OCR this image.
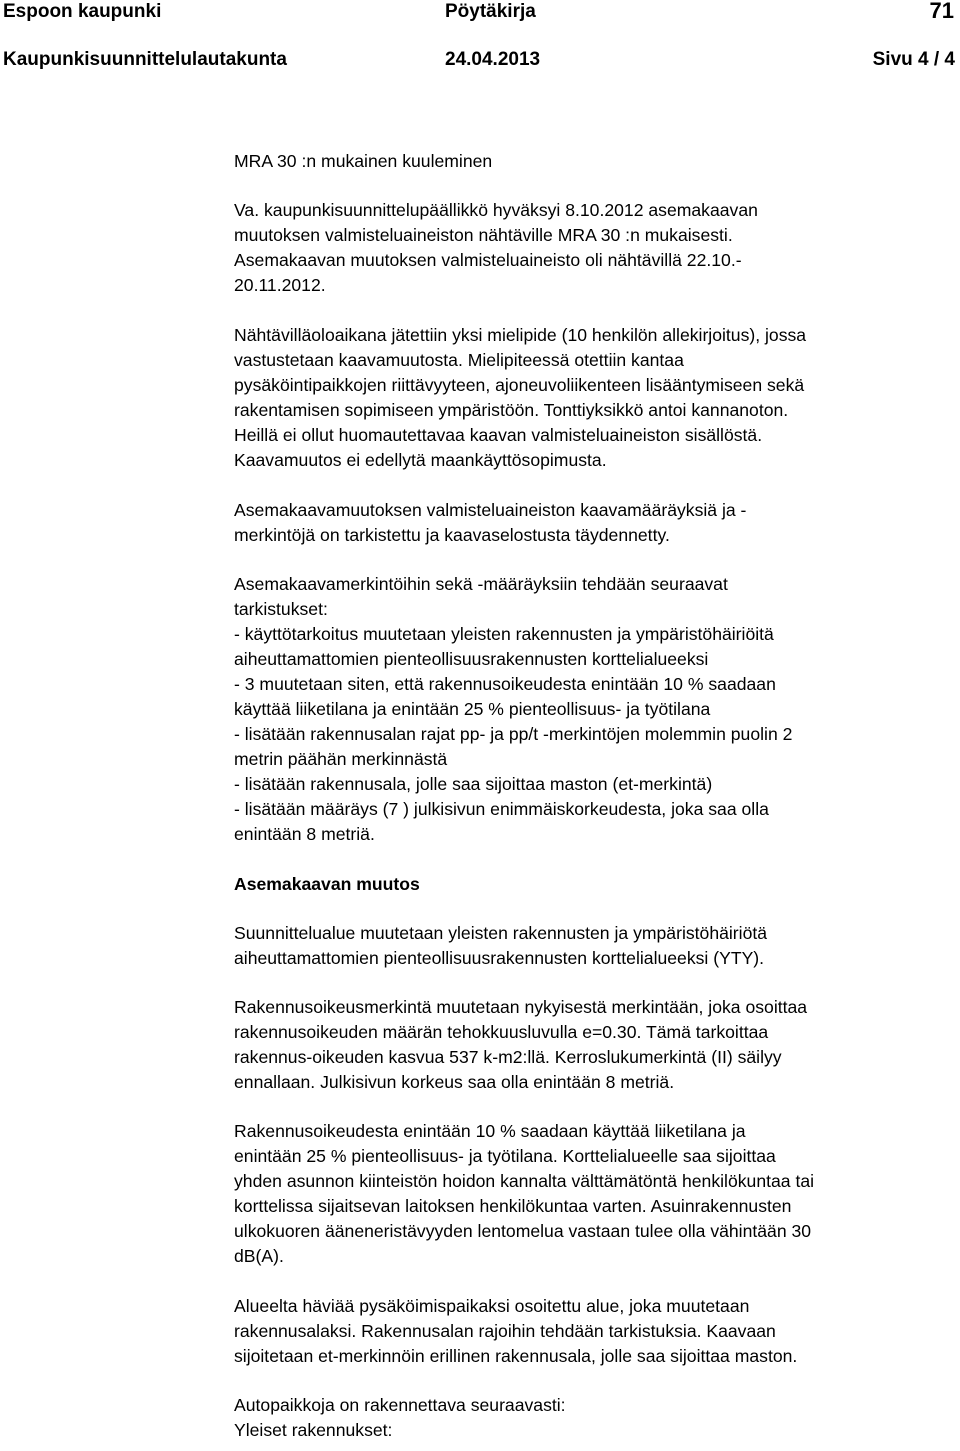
Espoon kaupunki	Pöytäkirja	71
Kaupunkisuunnittelulautakunta	24.04.2013	Sivu 4 / 4

MRA 30 :n mukainen kuuleminen

Va. kaupunkisuunnittelupäällikkö hyväksyi 8.10.2012 asemakaavan
muutoksen valmisteluaineiston nähtäville MRA 30 :n mukaisesti.
Asemakaavan muutoksen valmisteluaineisto oli nähtävillä 22.10.-
20.11.2012.

Nähtävilläoloaikana jätettiin yksi mielipide (10 henkilön allekirjoitus), jossa
vastustetaan kaavamuutosta. Mielipiteessä otettiin kantaa
pysäköintipaikkojen riittävyyteen, ajoneuvoliikenteen lisääntymiseen sekä
rakentamisen sopimiseen ympäristöön. Tonttiyksikkö antoi kannanoton.
Heillä ei ollut huomautettavaa kaavan valmisteluaineiston sisällöstä.
Kaavamuutos ei edellytä maankäyttösopimusta.

Asemakaavamuutoksen valmisteluaineiston kaavamääräyksiä ja -
merkintöjä on tarkistettu ja kaavaselostusta täydennetty.

Asemakaavamerkintöihin sekä -määräyksiin tehdään seuraavat
tarkistukset:
- käyttötarkoitus muutetaan yleisten rakennusten ja ympäristöhäiriöitä
aiheuttamattomien pienteollisuusrakennusten korttelialueeksi
- 3 muutetaan siten, että rakennusoikeudesta enintään 10 % saadaan
käyttää liiketilana ja enintään 25 % pienteollisuus- ja työtilana
- lisätään rakennusalan rajat pp- ja pp/t -merkintöjen molemmin puolin 2
metrin päähän merkinnästä
- lisätään rakennusala, jolle saa sijoittaa maston (et-merkintä)
- lisätään määräys (7 ) julkisivun enimmäiskorkeudesta, joka saa olla
enintään 8 metriä.

Asemakaavan muutos

Suunnittelualue muutetaan yleisten rakennusten ja ympäristöhäiriötä
aiheuttamattomien pienteollisuusrakennusten korttelialueeksi (YTY).

Rakennusoikeusmerkintä muutetaan nykyisestä merkintään, joka osoittaa
rakennusoikeuden määrän tehokkuusluvulla e=0.30. Tämä tarkoittaa
rakennus-oikeuden kasvua 537 k-m2:llä. Kerroslukumerkintä (II) säilyy
ennallaan. Julkisivun korkeus saa olla enintään 8 metriä.

Rakennusoikeudesta enintään 10 % saadaan käyttää liiketilana ja
enintään 25 % pienteollisuus- ja työtilana. Korttelialueelle saa sijoittaa
yhden asunnon kiinteistön hoidon kannalta välttämätöntä henkilökuntaa tai
korttelissa sijaitsevan laitoksen henkilökuntaa varten. Asuinrakennusten
ulkokuoren ääneneristävyyden lentomelua vastaan tulee olla vähintään 30
dB(A).

Alueelta häviää pysäköimispaikaksi osoitettu alue, joka muutetaan
rakennusalaksi. Rakennusalan rajoihin tehdään tarkistuksia. Kaavaan
sijoitetaan et-merkinnöin erillinen rakennusala, jolle saa sijoittaa maston.

Autopaikkoja on rakennettava seuraavasti:
Yleiset rakennukset:
